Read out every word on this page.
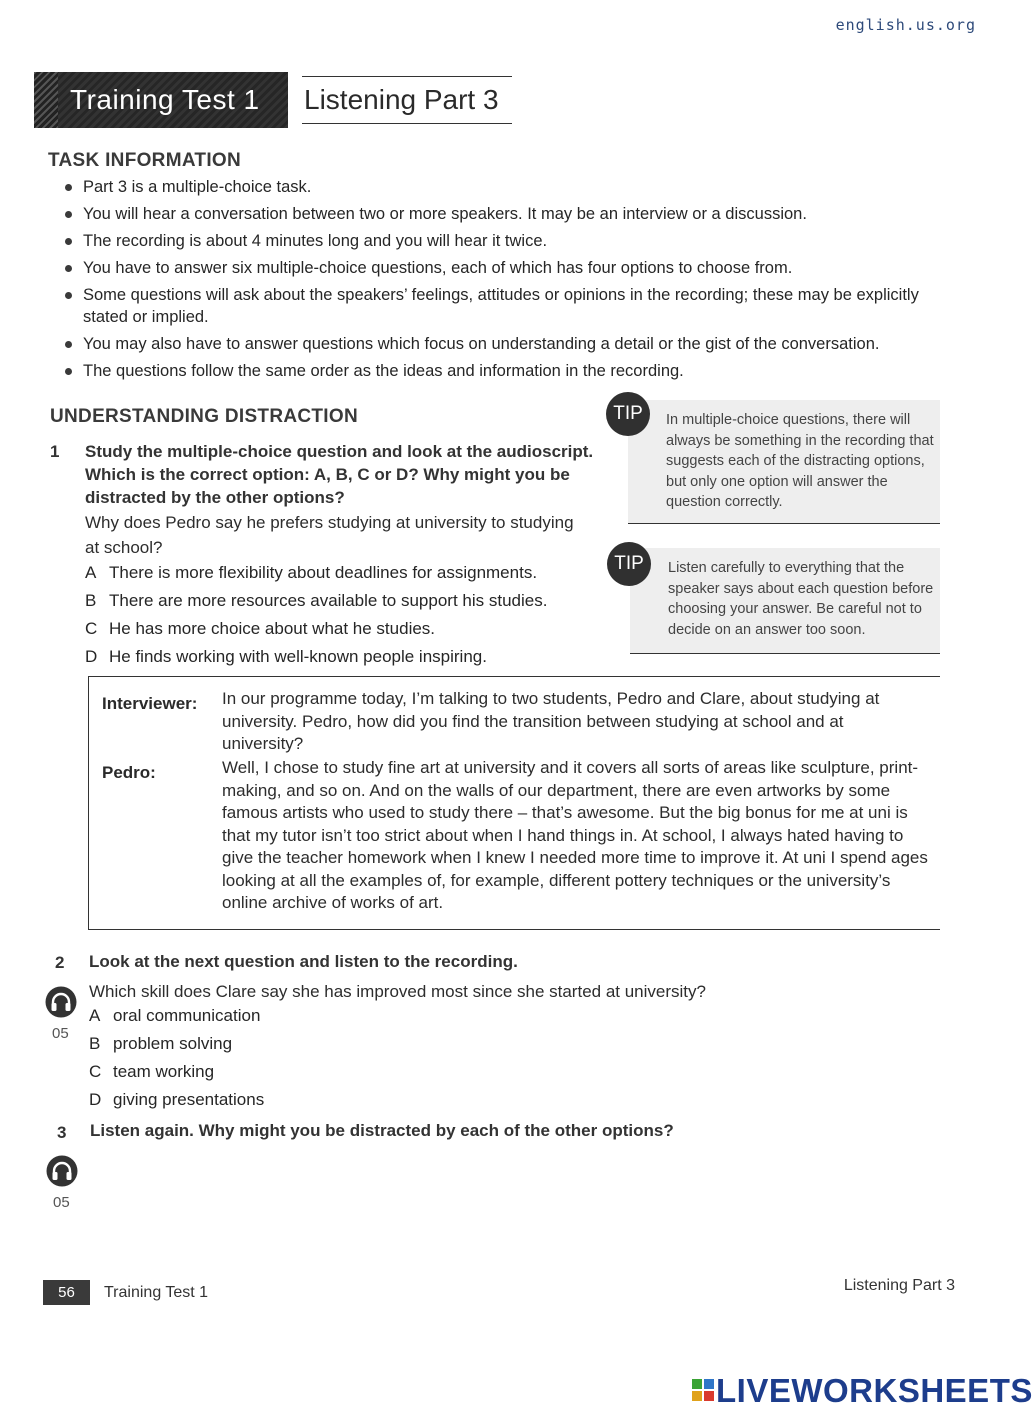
english.us.org
Training Test 1 Listening Part 3
TASK INFORMATION
Part 3 is a multiple-choice task.
You will hear a conversation between two or more speakers. It may be an interview or a discussion.
The recording is about 4 minutes long and you will hear it twice.
You have to answer six multiple-choice questions, each of which has four options to choose from.
Some questions will ask about the speakers’ feelings, attitudes or opinions in the recording; these may be explicitly stated or implied.
You may also have to answer questions which focus on understanding a detail or the gist of the conversation.
The questions follow the same order as the ideas and information in the recording.
UNDERSTANDING DISTRACTION
1 Study the multiple-choice question and look at the audioscript. Which is the correct option: A, B, C or D? Why might you be distracted by the other options?
Why does Pedro say he prefers studying at university to studying at school?
A There is more flexibility about deadlines for assignments.
B There are more resources available to support his studies.
C He has more choice about what he studies.
D He finds working with well-known people inspiring.
In multiple-choice questions, there will always be something in the recording that suggests each of the distracting options, but only one option will answer the question correctly.
TIP
Listen carefully to everything that the speaker says about each question before choosing your answer. Be careful not to decide on an answer too soon.
TIP
Interviewer: In our programme today, I’m talking to two students, Pedro and Clare, about studying at university. Pedro, how did you find the transition between studying at school and at university?
Pedro:	Well, I chose to study fine art at university and it covers all sorts of areas like sculpture, print-making, and so on. And on the walls of our department, there are even artworks by some famous artists who used to study there – that’s awesome. But the big bonus for me at uni is that my tutor isn’t too strict about when I hand things in. At school, I always hated having to give the teacher homework when I knew I needed more time to improve it. At uni I spend ages looking at all the examples of, for example, different pottery techniques or the university’s online archive of works of art.
2 Look at the next question and listen to the recording.
05
Which skill does Clare say she has improved most since she started at university?
A oral communication
B problem solving
C team working
D giving presentations
3 Listen again. Why might you be distracted by each of the other options?
05
56	Training Test 1	Listening Part 3
LIVEWORKSHEETS
